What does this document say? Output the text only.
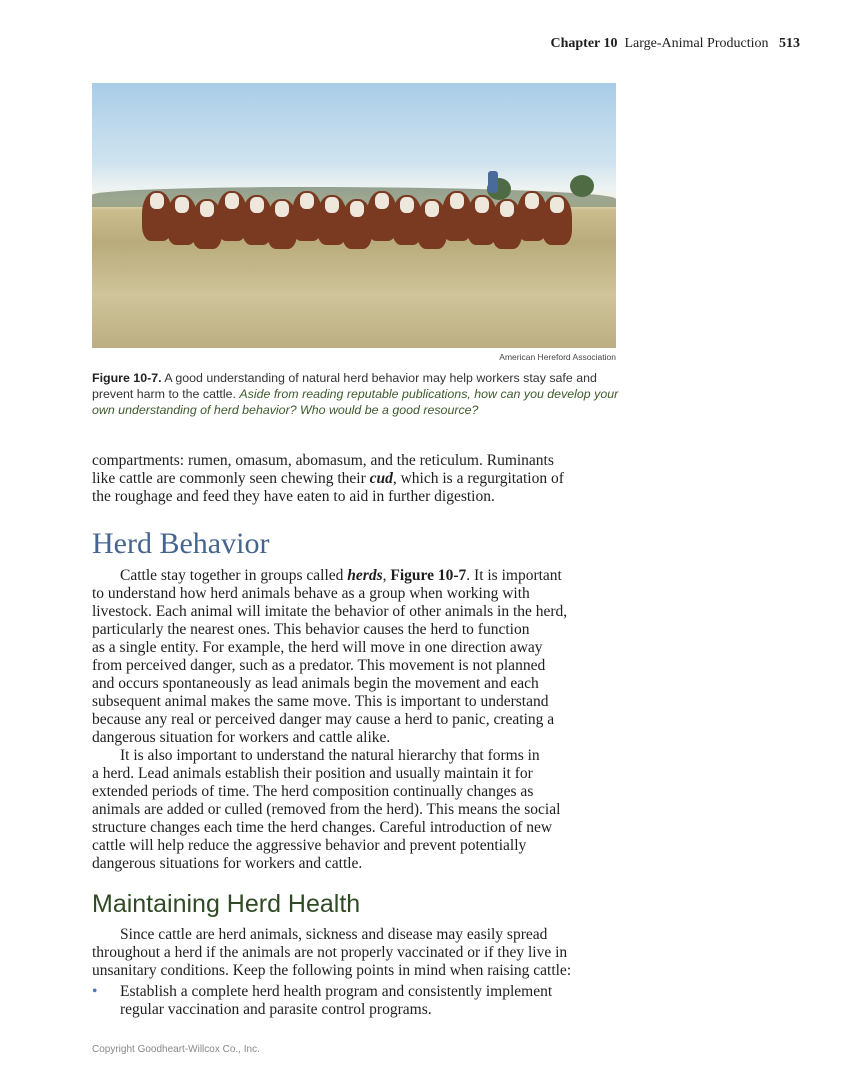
Chapter 10 Large-Animal Production 513
American Hereford Association
Figure 10-7. A good understanding of natural herd behavior may help workers stay safe and prevent harm to the cattle. Aside from reading reputable publications, how can you develop your own understanding of herd behavior? Who would be a good resource?
compartments: rumen, omasum, abomasum, and the reticulum. Ruminants
like cattle are commonly seen chewing their cud, which is a regurgitation of
the roughage and feed they have eaten to aid in further digestion.
Herd Behavior
Cattle stay together in groups called herds, Figure 10-7. It is important
to understand how herd animals behave as a group when working with
livestock. Each animal will imitate the behavior of other animals in the herd,
particularly the nearest ones. This behavior causes the herd to function
as a single entity. For example, the herd will move in one direction away
from perceived danger, such as a predator. This movement is not planned
and occurs spontaneously as lead animals begin the movement and each
subsequent animal makes the same move. This is important to understand
because any real or perceived danger may cause a herd to panic, creating a
dangerous situation for workers and cattle alike.
It is also important to understand the natural hierarchy that forms in
a herd. Lead animals establish their position and usually maintain it for
extended periods of time. The herd composition continually changes as
animals are added or culled (removed from the herd). This means the social
structure changes each time the herd changes. Careful introduction of new
cattle will help reduce the aggressive behavior and prevent potentially
dangerous situations for workers and cattle.
Maintaining Herd Health
Since cattle are herd animals, sickness and disease may easily spread
throughout a herd if the animals are not properly vaccinated or if they live in
unsanitary conditions. Keep the following points in mind when raising cattle:
• Establish a complete herd health program and consistently implement
regular vaccination and parasite control programs.
Copyright Goodheart-Willcox Co., Inc.
